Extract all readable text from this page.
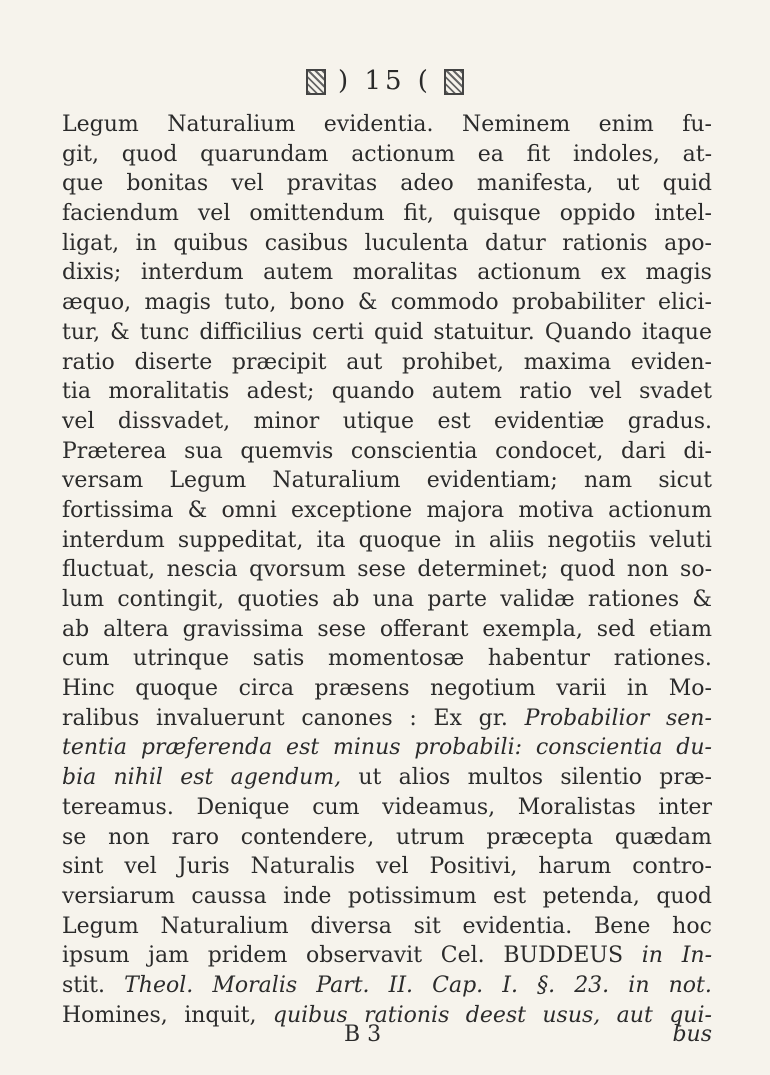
) 15 (
Legum Naturalium evidentia. Neminem enim fu-
git, quod quarundam actionum ea fit indoles, at-
que bonitas vel pravitas adeo manifesta, ut quid
faciendum vel omittendum fit, quisque oppido intel-
ligat, in quibus casibus luculenta datur rationis apo-
dixis; interdum autem moralitas actionum ex magis
æquo, magis tuto, bono & commodo probabiliter elici-
tur, & tunc difficilius certi quid statuitur. Quando itaque
ratio diserte præcipit aut prohibet, maxima eviden-
tia moralitatis adest; quando autem ratio vel svadet
vel dissvadet, minor utique est evidentiæ gradus.
Præterea sua quemvis conscientia condocet, dari di-
versam Legum Naturalium evidentiam; nam sicut
fortissima & omni exceptione majora motiva actionum
interdum suppeditat, ita quoque in aliis negotiis veluti
fluctuat, nescia qvorsum sese determinet; quod non so-
lum contingit, quoties ab una parte validæ rationes &
ab altera gravissima sese offerant exempla, sed etiam
cum utrinque satis momentosæ habentur rationes.
Hinc quoque circa præsens negotium varii in Mo-
ralibus invaluerunt canones : Ex gr. Probabilior sen-
tentia præferenda est minus probabili: conscientia du-
bia nihil est agendum, ut alios multos silentio præ-
tereamus. Denique cum videamus, Moralistas inter
se non raro contendere, utrum præcepta quædam
sint vel Juris Naturalis vel Positivi, harum contro-
versiarum caussa inde potissimum est petenda, quod
Legum Naturalium diversa sit evidentia. Bene hoc
ipsum jam pridem observavit Cel. BUDDEUS in In-
stit. Theol. Moralis Part. II. Cap. I. §. 23. in not.
Homines, inquit, quibus rationis deest usus, aut qui-
B 3	bus
